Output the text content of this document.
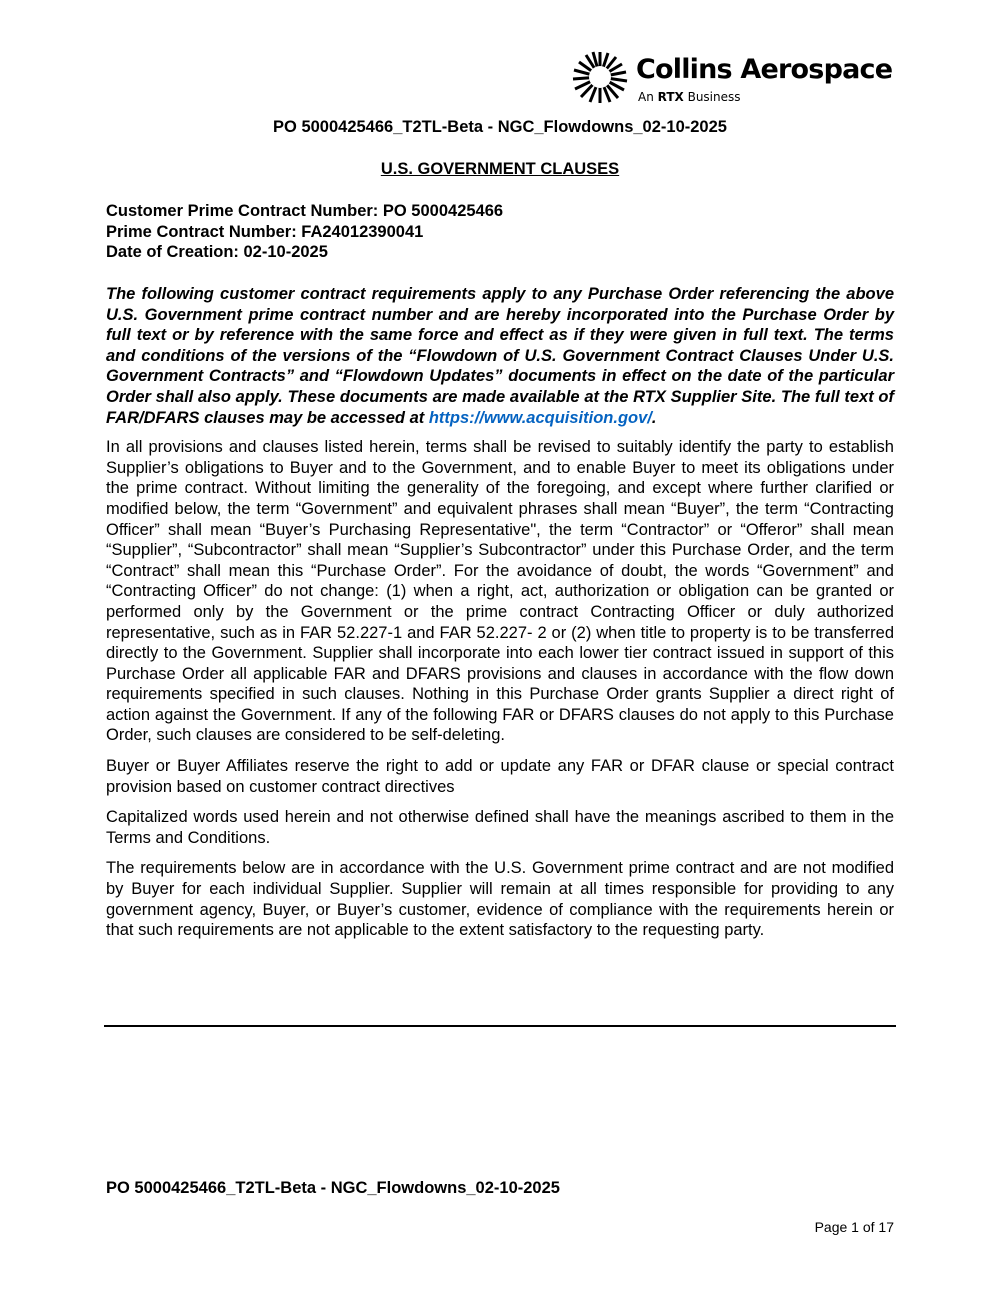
Collins Aerospace
An RTX Business
PO 5000425466_T2TL-Beta - NGC_Flowdowns_02-10-2025
U.S. GOVERNMENT CLAUSES
Customer Prime Contract Number: PO 5000425466
Prime Contract Number: FA24012390041
Date of Creation: 02-10-2025

The following customer contract requirements apply to any Purchase Order referencing the above U.S. Government prime contract number and are hereby incorporated into the Purchase Order by full text or by reference with the same force and effect as if they were given in full text. The terms and conditions of the versions of the “Flowdown of U.S. Government Contract Clauses Under U.S. Government Contracts” and “Flowdown Updates” documents in effect on the date of the particular Order shall also apply. These documents are made available at the RTX Supplier Site. The full text of FAR/DFARS clauses may be accessed at https://www.acquisition.gov/.

In all provisions and clauses listed herein, terms shall be revised to suitably identify the party to establish Supplier’s obligations to Buyer and to the Government, and to enable Buyer to meet its obligations under the prime contract. Without limiting the generality of the foregoing, and except where further clarified or modified below, the term “Government” and equivalent phrases shall mean “Buyer”, the term “Contracting Officer” shall mean “Buyer’s Purchasing Representative", the term “Contractor” or “Offeror” shall mean “Supplier”, “Subcontractor” shall mean “Supplier’s Subcontractor” under this Purchase Order, and the term “Contract” shall mean this “Purchase Order”. For the avoidance of doubt, the words “Government” and “Contracting Officer” do not change: (1) when a right, act, authorization or obligation can be granted or performed only by the Government or the prime contract Contracting Officer or duly authorized representative, such as in FAR 52.227-1 and FAR 52.227- 2 or (2) when title to property is to be transferred directly to the Government. Supplier shall incorporate into each lower tier contract issued in support of this Purchase Order all applicable FAR and DFARS provisions and clauses in accordance with the flow down requirements specified in such clauses. Nothing in this Purchase Order grants Supplier a direct right of action against the Government. If any of the following FAR or DFARS clauses do not apply to this Purchase Order, such clauses are considered to be self-deleting.

Buyer or Buyer Affiliates reserve the right to add or update any FAR or DFAR clause or special contract provision based on customer contract directives

Capitalized words used herein and not otherwise defined shall have the meanings ascribed to them in the Terms and Conditions.

The requirements below are in accordance with the U.S. Government prime contract and are not modified by Buyer for each individual Supplier. Supplier will remain at all times responsible for providing to any government agency, Buyer, or Buyer’s customer, evidence of compliance with the requirements herein or that such requirements are not applicable to the extent satisfactory to the requesting party.

PO 5000425466_T2TL-Beta - NGC_Flowdowns_02-10-2025
Page 1 of 17
